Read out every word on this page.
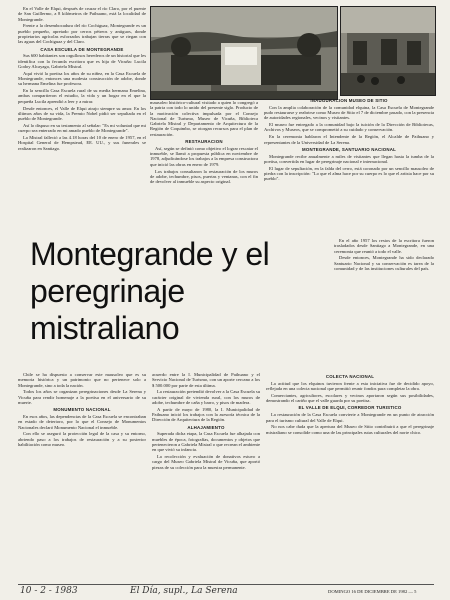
En el Valle de Elqui, después de cruzar el río Claro, por el puente de San Guillermo, a 8 kilómetros de Paihuano, está la localidad de Montegrande.

Frente a la desembocadura del río Cochiguaz, Montegrande es un pueblo pequeño, apretado por cerros pétreos y antiguos, donde propietarios agrícolas esforzados trabajan tierras que se riegan con las aguas del Cochiguaz y del Claro.

CASA ESCUELA DE MONTEGRANDE

Sus 600 habitantes son orgullosos herederos de un historial que les identifica con la fecunda escritora que es hija de Vicuña: Lucila Godoy Alcayaga, Gabriela Mistral.

Aquí vivió la poetisa los años de su niñez, en la Casa Escuela de Montegrande, entonces una modesta construcción de adobe, donde su hermana Emelina fue profesora.

En la sencilla Casa Escuela rural de su media hermana Emelina, ambas compartieron el estudio, la vida y un hogar en el que la pequeña Lucila aprendió a leer y a mirar.

Desde entonces, el Valle de Elqui atrajo siempre su amor. En los últimos años de su vida, la Premio Nobel pidió ser sepultada en el pueblo de Montegrande.

Así lo dispuso en su testamento al señalar: "Es mi voluntad que mi cuerpo sea enterrado en mi amado pueblo de Montegrande".

La Mistral falleció a las 4.18 horas del 10 de enero de 1957, en el Hospital General de Hempstead, EE. UU., y sus funerales se realizaron en Santiago.

mausoleo histórico-cultural visitado a quien lo congregó a la patria con todo lo unido del presente siglo. Producto de la motivación colectiva impulsada por el Consejo Nacional de Turismo, Museo de Vicuña, Biblioteca Gabriela Mistral y Departamento de Arquitectura de la Región de Coquimbo, se otorgan recursos para el plan de restauración.

RESTAURACION

Así, según se definió como objetivo el lograr rescatar el inmueble, se llamó a propuesta pública en noviembre de 1978, adjudicándose los trabajos a la empresa constructora que inició las obras en enero de 1979.

Los trabajos consultaron la restauración de los muros de adobe, techumbre, pisos, puertas y ventanas, con el fin de devolver al inmueble su aspecto original.

INAUGURACION MUSEO DE SITIO

Con la amplia colaboración de la comunidad elquina, la Casa Escuela de Montegrande pudo restaurarse y reabrirse como Museo de Sitio el 7 de diciembre pasado, con la presencia de autoridades regionales, vecinos y visitantes.

El museo fue entregado a la comunidad bajo la tuición de la Dirección de Bibliotecas, Archivos y Museos, que se comprometió a su cuidado y conservación.

En la ceremonia hablaron el Intendente de la Región, el Alcalde de Paihuano y representantes de la Universidad de La Serena.

MONTEGRANDE, SANTUARIO NACIONAL

Montegrande recibe anualmente a miles de visitantes que llegan hasta la tumba de la poetisa, convertida en lugar de peregrinaje nacional e internacional.

El lugar de sepultación, en la falda del cerro, está coronado por un sencillo mausoleo de piedra con la inscripción: "Lo que el alma hace por su cuerpo es lo que el artista hace por su pueblo".

En el año 1957 los restos de la escritora fueron trasladados desde Santiago a Montegrande, en una ceremonia que reunió a todo el valle.

Desde entonces, Montegrande ha sido declarado Santuario Nacional y su conservación es tarea de la comunidad y de las instituciones culturales del país.

Montegrande y el peregrinaje mistraliano

Chile se ha dispuesto a conservar este mausoleo que es su memoria histórica y un patrimonio que no pertenece solo a Montegrande, sino a toda la nación.

Todos los años se organizan peregrinaciones desde La Serena y Vicuña para rendir homenaje a la poetisa en el aniversario de su muerte.

MONUMENTO NACIONAL

En esos años, las dependencias de la Casa Escuela se encontraban en estado de deterioro, por lo que el Consejo de Monumentos Nacionales declaró Monumento Nacional el inmueble.

Con ello se aseguró la protección legal de la casa y su entorno, abriendo paso a los trabajos de restauración y a su posterior habilitación como museo.

acuerdo entre la I. Municipalidad de Paihuano y el Servicio Nacional de Turismo, con un aporte cercano a los $ 500.000 por parte de esta última.

La restauración pretendió devolver a la Casa Escuela su carácter original de vivienda rural, con los muros de adobe, techumbre de caña y barro, y pisos de madera.

A partir de mayo de 1980, la I. Municipalidad de Paihuano inició los trabajos con la asesoría técnica de la Dirección de Arquitectura de la Región.

ALHAJAMIENTO

Superada dicha etapa, la Casa Escuela fue alhajada con muebles de época, fotografías, documentos y objetos que pertenecieron a Gabriela Mistral o que recrean el ambiente en que vivió su infancia.

La recolección y evaluación de donativos estuvo a cargo del Museo Gabriela Mistral de Vicuña, que aportó piezas de su colección para la muestra permanente.

COLECTA NACIONAL

La actitud que los elquinos tuvieron frente a esta iniciativa fue de decidido apoyo, reflejada en una colecta nacional que permitió reunir fondos para completar la obra.

Comerciantes, agricultores, escolares y vecinos aportaron según sus posibilidades, demostrando el cariño que el valle guarda por su poetisa.

EL VALLE DE ELQUI, CORREDOR TURISTICO

La restauración de la Casa Escuela convierte a Montegrande en un punto de atracción para el turismo cultural del Valle de Elqui.

No nos cabe duda que la apertura del Museo de Sitio contribuirá a que el peregrinaje mistraliano se consolide como una de las principales rutas culturales del norte chico.

10 - 2 - 1983	El Día, supl., La Serena	DOMINGO 16 DE DICIEMBRE DE 1982 — 5
